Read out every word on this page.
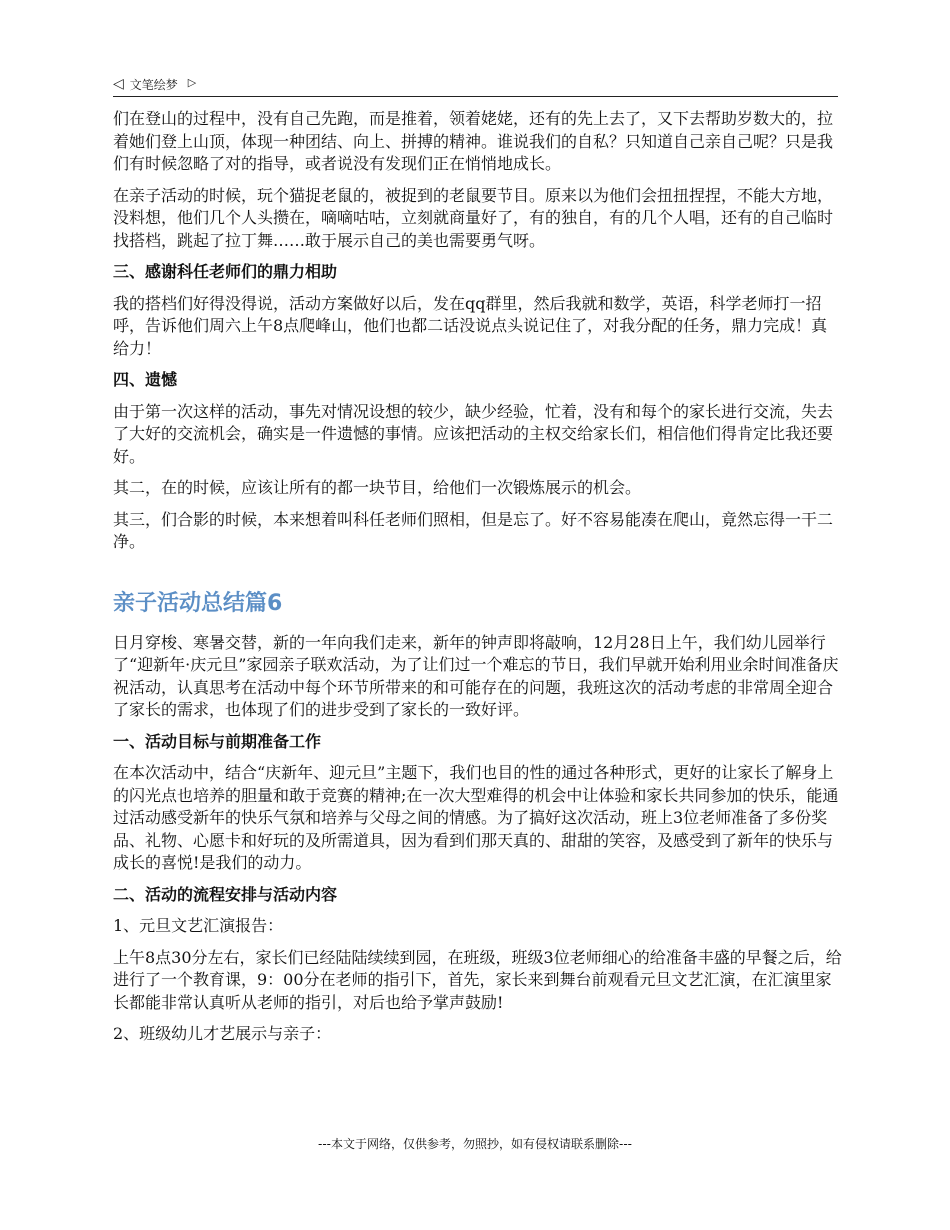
◁ 文笔绘梦 ▷

们在登山的过程中，没有自己先跑，而是推着，领着姥姥，还有的先上去了，又下去帮助岁数大的，拉着她们登上山顶，体现一种团结、向上、拼搏的精神。谁说我们的自私？只知道自己亲自己呢？只是我们有时候忽略了对的指导，或者说没有发现们正在悄悄地成长。

在亲子活动的时候，玩个猫捉老鼠的，被捉到的老鼠要节目。原来以为他们会扭扭捏捏，不能大方地，没料想，他们几个人头攒在，嘀嘀咕咕，立刻就商量好了，有的独自，有的几个人唱，还有的自己临时找搭档，跳起了拉丁舞……敢于展示自己的美也需要勇气呀。

三、感谢科任老师们的鼎力相助

我的搭档们好得没得说，活动方案做好以后，发在qq群里，然后我就和数学，英语，科学老师打一招呼，告诉他们周六上午8点爬峰山，他们也都二话没说点头说记住了，对我分配的任务，鼎力完成！真给力！

四、遗憾

由于第一次这样的活动，事先对情况设想的较少，缺少经验，忙着，没有和每个的家长进行交流，失去了大好的交流机会，确实是一件遗憾的事情。应该把活动的主权交给家长们，相信他们得肯定比我还要好。

其二，在的时候，应该让所有的都一块节目，给他们一次锻炼展示的机会。

其三，们合影的时候，本来想着叫科任老师们照相，但是忘了。好不容易能凑在爬山，竟然忘得一干二净。

亲子活动总结篇6

日月穿梭、寒暑交替，新的一年向我们走来，新年的钟声即将敲响，12月28日上午，我们幼儿园举行了“迎新年·庆元旦”家园亲子联欢活动，为了让们过一个难忘的节日，我们早就开始利用业余时间准备庆祝活动，认真思考在活动中每个环节所带来的和可能存在的问题，我班这次的活动考虑的非常周全迎合了家长的需求，也体现了们的进步受到了家长的一致好评。

一、活动目标与前期准备工作

在本次活动中，结合“庆新年、迎元旦”主题下，我们也目的性的通过各种形式，更好的让家长了解身上的闪光点也培养的胆量和敢于竞赛的精神;在一次大型难得的机会中让体验和家长共同参加的快乐，能通过活动感受新年的快乐气氛和培养与父母之间的情感。为了搞好这次活动，班上3位老师准备了多份奖品、礼物、心愿卡和好玩的及所需道具，因为看到们那天真的、甜甜的笑容，及感受到了新年的快乐与成长的喜悦!是我们的动力。

二、活动的流程安排与活动内容

1、元旦文艺汇演报告：

上午8点30分左右，家长们已经陆陆续续到园，在班级，班级3位老师细心的给准备丰盛的早餐之后，给进行了一个教育课，9：00分在老师的指引下，首先，家长来到舞台前观看元旦文艺汇演，在汇演里家长都能非常认真听从老师的指引，对后也给予掌声鼓励!

2、班级幼儿才艺展示与亲子：

---本文于网络，仅供参考，勿照抄，如有侵权请联系删除---
